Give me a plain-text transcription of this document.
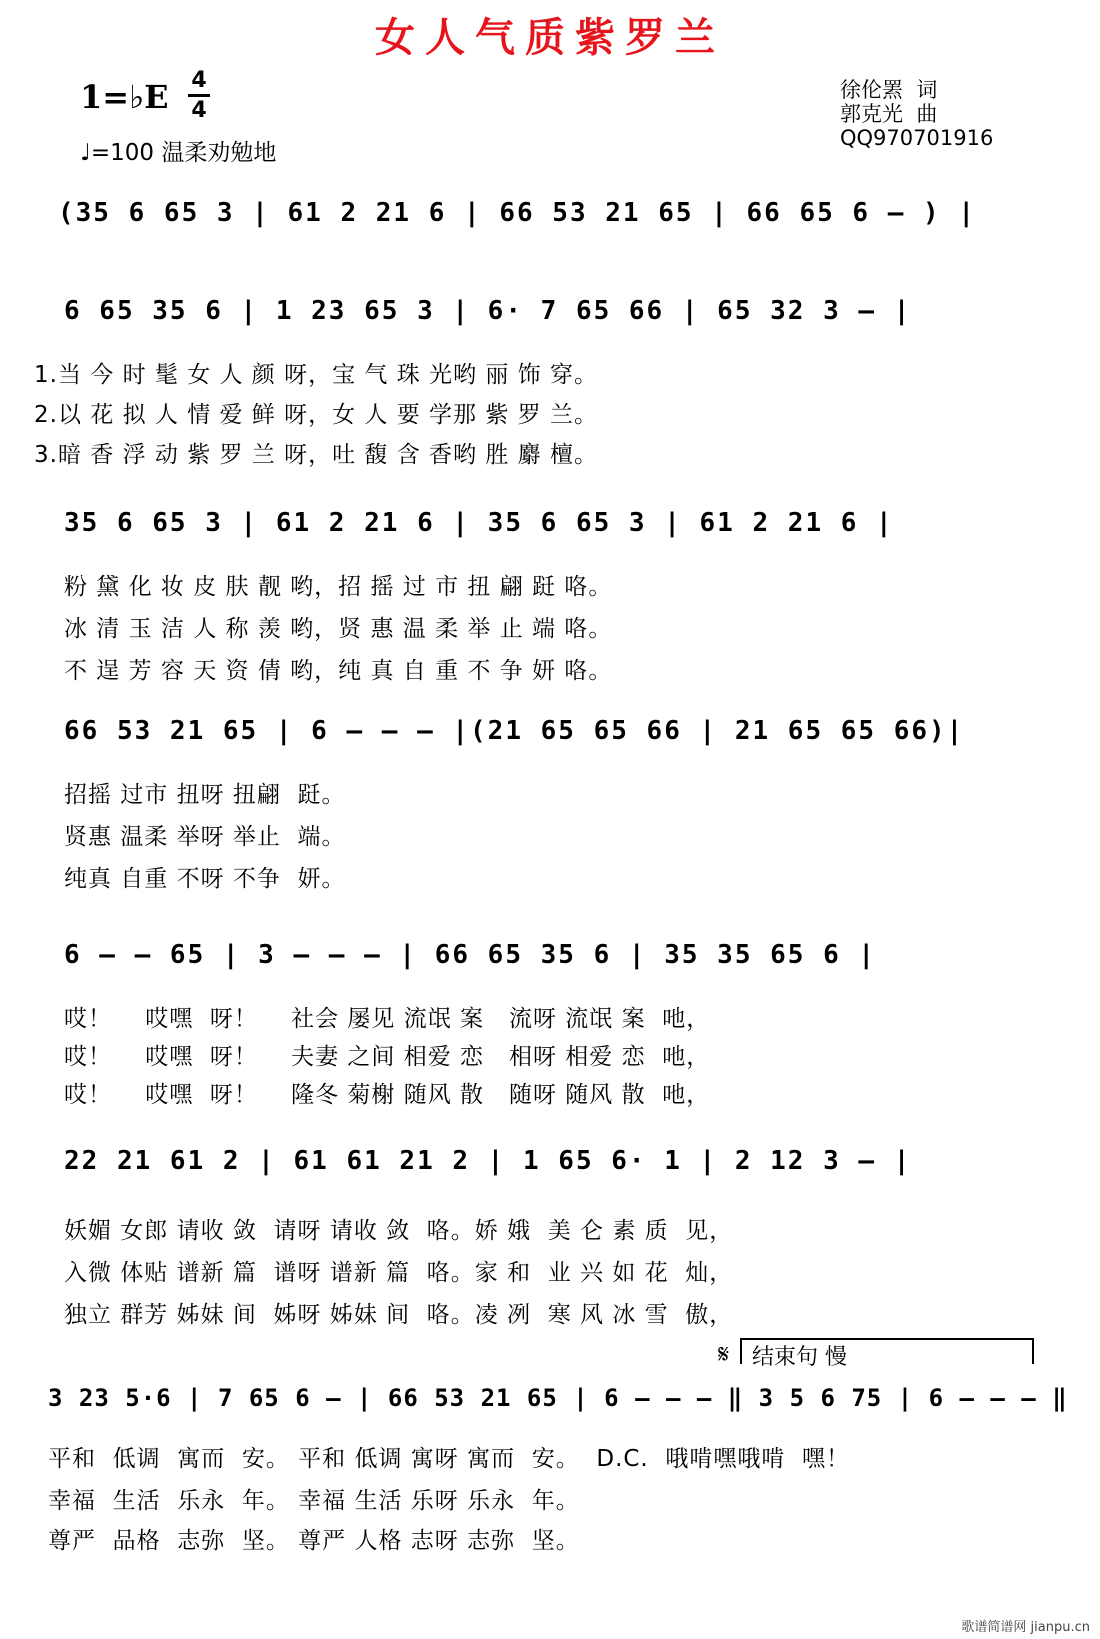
女人气质紫罗兰
1=♭E 4
4
♩=100 温柔劝勉地
徐伦罴  词
郭克光  曲
QQ970701916
(35 6 65 3 | 61 2 21 6 | 66 53 21 65 | 66 65 6 – ) |
6 65 35 6 | 1 23 65 3 | 6· 7 65 66 | 65 32 3 – |
1.当 今 时 髦 女 人 颜 呀，宝 气 珠 光哟 丽 饰 穿。
2.以 花 拟 人 情 爱 鲜 呀，女 人 要 学那 紫 罗 兰。
3.暗 香 浮 动 紫 罗 兰 呀，吐 馥 含 香哟 胜 麝 檀。
35 6 65 3 | 61 2 21 6 | 35 6 65 3 | 61 2 21 6 |
粉 黛 化 妆 皮 肤 靓 哟，招 摇 过 市 扭 翩 跹 咯。
冰 清 玉 洁 人 称 羡 哟，贤 惠 温 柔 举 止 端 咯。
不 逞 芳 容 天 资 倩 哟，纯 真 自 重 不 争 妍 咯。
66 53 21 65 | 6 – – – |(21 65 65 66 | 21 65 65 66)|
招摇 过市 扭呀 扭翩  跹。
贤惠 温柔 举呀 举止  端。
纯真 自重 不呀 不争  妍。
6 – – 65 | 3 – – – | 66 65 35 6 | 35 35 65 6 |
哎！    哎嘿  呀！    社会 屡见 流氓 案   流呀 流氓 案  吔，
哎！    哎嘿  呀！    夫妻 之间 相爱 恋   相呀 相爱 恋  吔，
哎！    哎嘿  呀！    隆冬 菊榭 随风 散   随呀 随风 散  吔，
22 21 61 2 | 61 61 21 2 | 1 65 6· 1 | 2 12 3 – |
妖媚 女郎 请收 敛  请呀 请收 敛  咯。娇 娥  美 仑 素 质  见，
入微 体贴 谱新 篇  谱呀 谱新 篇  咯。家 和  业 兴 如 花  灿，
独立 群芳 姊妹 间  姊呀 姊妹 间  咯。凌 冽  寒 风 冰 雪  傲，
𝄋	结束句 慢
3 23 5·6 | 7 65 6 – | 66 53 21 65 | 6 – – – ‖ 3 5 6 75 | 6 – – – ‖
平和  低调  寓而  安。 平和 低调 寓呀 寓而  安。  D.C.  哦啃嘿哦啃  嘿！
幸福  生活  乐永  年。 幸福 生活 乐呀 乐永  年。
尊严  品格  志弥  坚。 尊严 人格 志呀 志弥  坚。
歌谱简谱网 jianpu.cn
